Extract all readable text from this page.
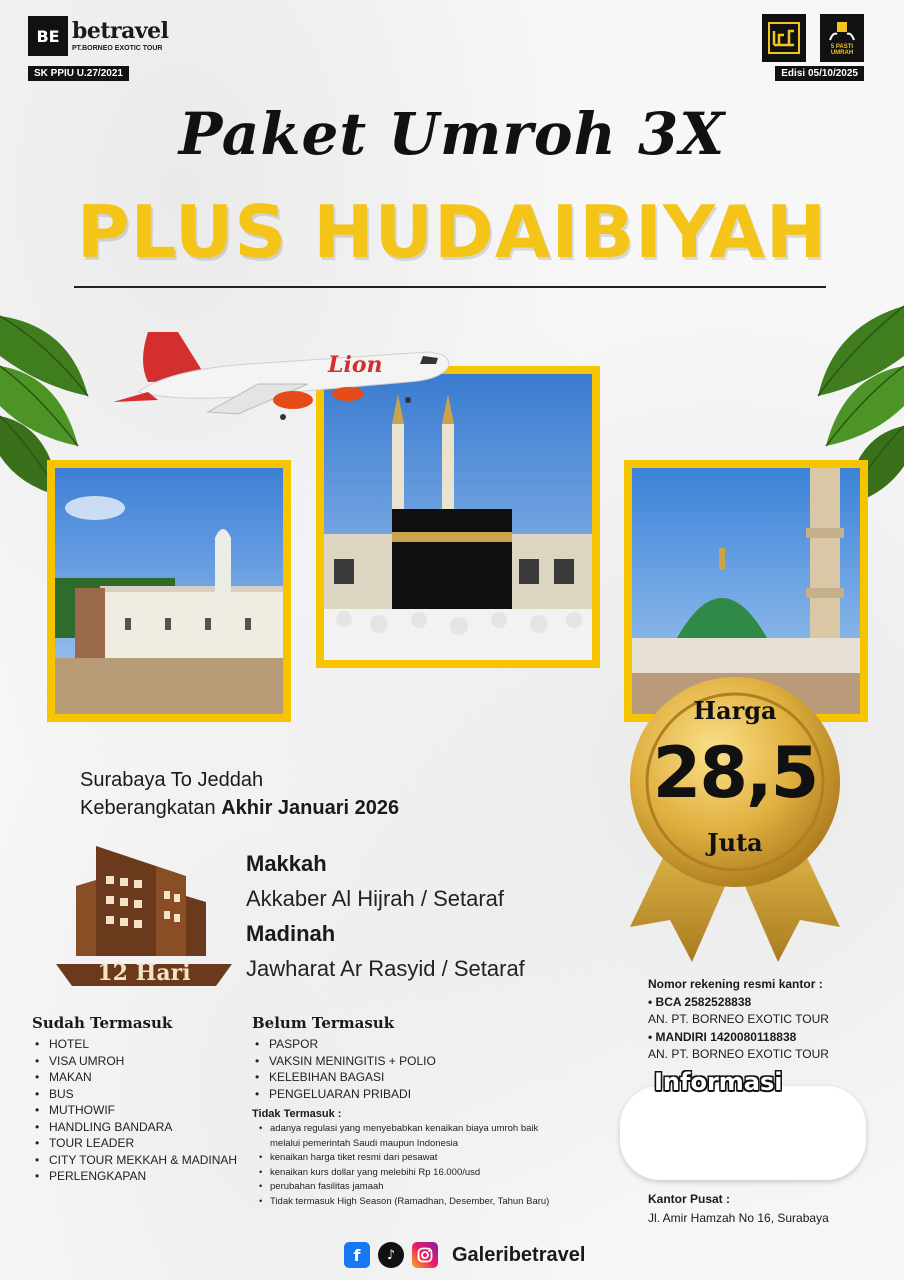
BE betravel
PT.BORNEO EXOTIC TOUR
SK PPIU U.27/2021
5 PASTI UMRAH
Edisi 05/10/2025
Paket Umroh 3X
PLUS HUDAIBIYAH
Lion
Harga
28,5
Juta
Surabaya To Jeddah
Keberangkatan Akhir Januari 2026
12 Hari
Makkah
Akkaber Al Hijrah / Setaraf
Madinah
Jawharat Ar Rasyid / Setaraf
Sudah Termasuk
• HOTEL
• VISA UMROH
• MAKAN
• BUS
• MUTHOWIF
• HANDLING BANDARA
• TOUR LEADER
• CITY TOUR MEKKAH & MADINAH
• PERLENGKAPAN
Belum Termasuk
• PASPOR
• VAKSIN MENINGITIS + POLIO
• KELEBIHAN BAGASI
• PENGELUARAN PRIBADI
Tidak Termasuk :
• adanya regulasi yang menyebabkan kenaikan biaya umroh baik melalui pemerintah Saudi maupun Indonesia
• kenaikan harga tiket resmi dari pesawat
• kenaikan kurs dollar yang melebihi Rp 16.000/usd
• perubahan fasilitas jamaah
• Tidak termasuk High Season (Ramadhan, Desember, Tahun Baru)
Nomor rekening resmi kantor :
• BCA 2582528838
AN. PT. BORNEO EXOTIC TOUR
• MANDIRI 1420080118838
AN. PT. BORNEO EXOTIC TOUR
Informasi
Kantor Pusat :
Jl. Amir Hamzah No 16, Surabaya
f	♪	Galeribetravel
